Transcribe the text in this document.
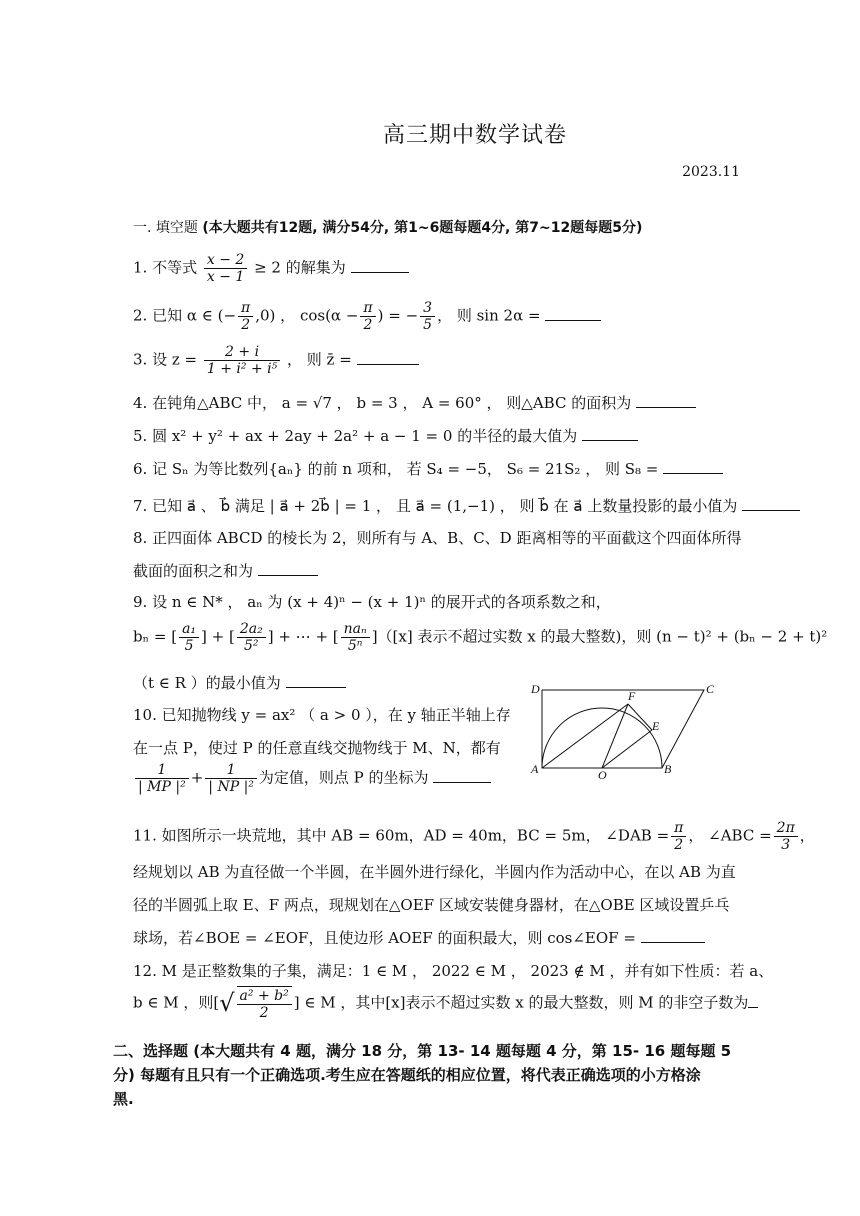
高三期中数学试卷
2023.11
一. 填空题 (本大题共有12题, 满分54分, 第1~6题每题4分, 第7~12题每题5分)
1. 不等式 $\frac{x - 2}{x - 1} \ge 2$ 的解集为
2. 已知 α ∈ (− $\frac{\pi}{2} ,0$) ， $\cos(\alpha - \frac{\pi}{2}$ ) = − $\frac{3}{5}$ ， 则 sin 2α =
3. 设 $z = \frac{2 + i}{\text{1 + i² + i⁵}}$ ， 则 z̄ =
4. 在钝角△ABC 中， a = √7 ， b = 3 ， A = 60° ， 则△ABC 的面积为
5. 圆 x² + y² + ax + 2ay + 2a² + a − 1 = 0 的半径的最大值为
6. 记 Sₙ 为等比数列{aₙ} 的前 n 项和， 若 S₄ = −5， S₆ = 21S₂ ， 则 S₈ =
7. 已知 a⃗ 、 b⃗ 满足 | a⃗ + 2b⃗ | = 1 ， 且 a⃗ = (1,−1) ， 则 b⃗ 在 a⃗ 上数量投影的最小值为
8. 正四面体 ABCD 的棱长为 2，则所有与 A、B、C、D 距离相等的平面截这个四面体所得
截面的面积之和为
9. 设 n ∈ N* ， aₙ 为 (x + 4)ⁿ − (x + 1)ⁿ 的展开式的各项系数之和，
bₙ = [ $\frac{\text{a₁}}{5}$ ] + [ $\frac{\text{2a₂}}{\text{5²}}$ ] + ⋯ + [ $\frac{\text{naₙ}}{\text{5ⁿ}} ]([x]$ 表示不超过实数 x 的最大整数)，则 (n − t)² + (bₙ − 2 + t)²
（t ∈ R ）的最小值为
10. 已知抛物线 y = ax² （ a > 0 ），在 y 轴正半轴上存
在一点 P，使过 P 的任意直线交抛物线于 M、N，都有
$\frac{1}{\text{| MP |²}} + \frac{1}{\text{| NP |²}}$ 为定值，则点 P 的坐标为
D	C
F
E
A	O	B
11. 如图所示一块荒地，其中 AB = 60m，AD = 40m，BC = 5m， ∠DAB = $\frac{\pi}{2}$ ， ∠ABC = $\frac{2\pi}{3}$ ，
经规划以 AB 为直径做一个半圆，在半圆外进行绿化，半圆内作为活动中心，在以 AB 为直
径的半圆弧上取 E、F 两点，现规划在△OEF 区域安装健身器材，在△OBE 区域设置乒乓
球场，若∠BOE = ∠EOF，且使边形 AOEF 的面积最大，则 cos∠EOF =
12. M 是正整数集的子集，满足：1 ∈ M ， 2022 ∈ M ， 2023 ∉ M ，并有如下性质：若 a、
b ∈ M ，则[√ $\frac{\text{a² + b²}}{2}$ ] ∈ M ，其中[x]表示不超过实数 x 的最大整数，则 M 的非空子数为
二、选择题 (本大题共有 4 题，满分 18 分，第 13- 14 题每题 4 分，第 15- 16 题每题 5
分) 每题有且只有一个正确选项.考生应在答题纸的相应位置，将代表正确选项的小方格涂
黑.
